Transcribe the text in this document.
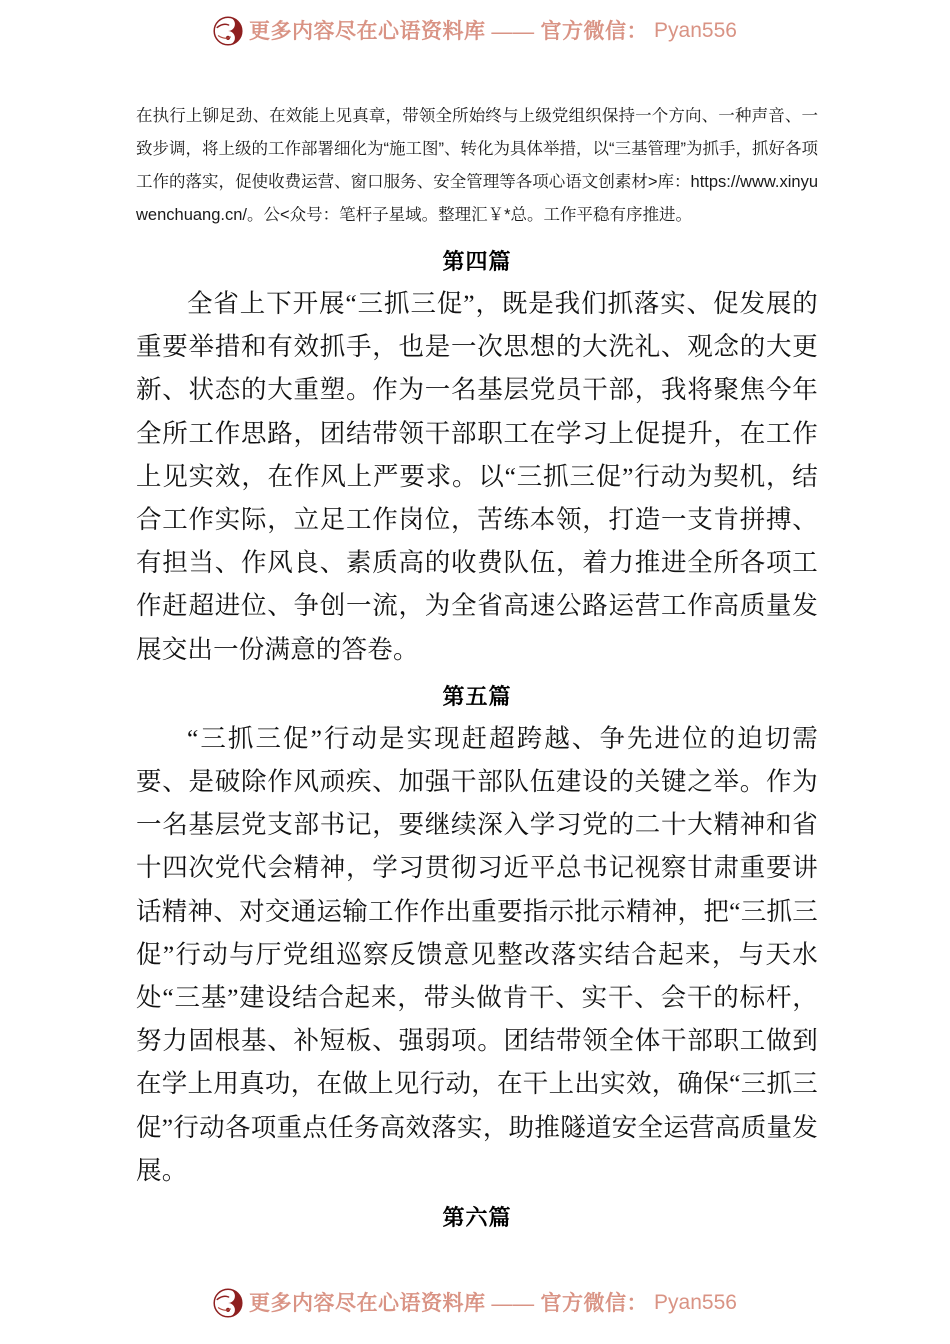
更多内容尽在心语资料库 —— 官方微信： Pyan556

在执行上铆足劲、在效能上见真章，带领全所始终与上级党组织保持一个方向、一种声音、一致步调，将上级的工作部署细化为“施工图”、转化为具体举措，以“三基管理”为抓手，抓好各项工作的落实，促使收费运营、窗口服务、安全管理等各项心语文创素材>库：https://www.xinyuwenchuang.cn/。公<众号：笔杆子星域。整理汇￥*总。工作平稳有序推进。

第四篇

全省上下开展“三抓三促”，既是我们抓落实、促发展的重要举措和有效抓手，也是一次思想的大洗礼、观念的大更新、状态的大重塑。作为一名基层党员干部，我将聚焦今年全所工作思路，团结带领干部职工在学习上促提升，在工作上见实效，在作风上严要求。以“三抓三促”行动为契机，结合工作实际，立足工作岗位，苦练本领，打造一支肯拼搏、有担当、作风良、素质高的收费队伍，着力推进全所各项工作赶超进位、争创一流，为全省高速公路运营工作高质量发展交出一份满意的答卷。

第五篇

“三抓三促”行动是实现赶超跨越、争先进位的迫切需要、是破除作风顽疾、加强干部队伍建设的关键之举。作为一名基层党支部书记，要继续深入学习党的二十大精神和省十四次党代会精神，学习贯彻习近平总书记视察甘肃重要讲话精神、对交通运输工作作出重要指示批示精神，把“三抓三促”行动与厅党组巡察反馈意见整改落实结合起来，与天水处“三基”建设结合起来，带头做肯干、实干、会干的标杆，努力固根基、补短板、强弱项。团结带领全体干部职工做到在学上用真功，在做上见行动，在干上出实效，确保“三抓三促”行动各项重点任务高效落实，助推隧道安全运营高质量发展。

第六篇
更多内容尽在心语资料库 —— 官方微信： Pyan556
